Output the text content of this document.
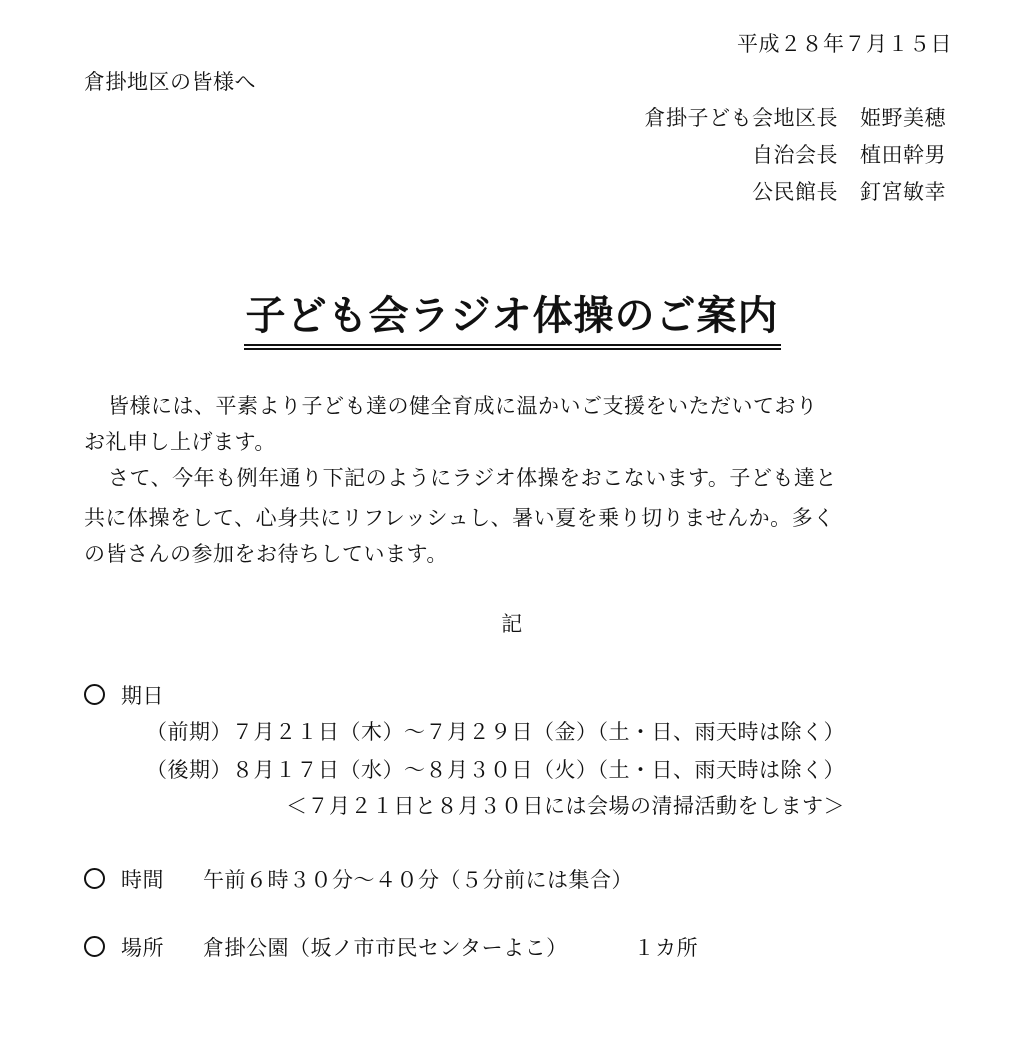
平成２８年７月１５日
倉掛地区の皆様へ
倉掛子ども会地区長 姫野美穂
自治会長 植田幹男
公民館長 釘宮敏幸
子ども会ラジオ体操のご案内
皆様には、平素より子ども達の健全育成に温かいご支援をいただいており
お礼申し上げます。
さて、今年も例年通り下記のようにラジオ体操をおこないます。子ども達と
共に体操をして、心身共にリフレッシュし、暑い夏を乗り切りませんか。多く
の皆さんの参加をお待ちしています。
記
期日
（前期）７月２１日（木）～７月２９日（金）（土・日、雨天時は除く）
（後期）８月１７日（水）～８月３０日（火）（土・日、雨天時は除く）
＜７月２１日と８月３０日には会場の清掃活動をします＞
時間 午前６時３０分～４０分（５分前には集合）
場所 倉掛公園（坂ノ市市民センターよこ）	１カ所
